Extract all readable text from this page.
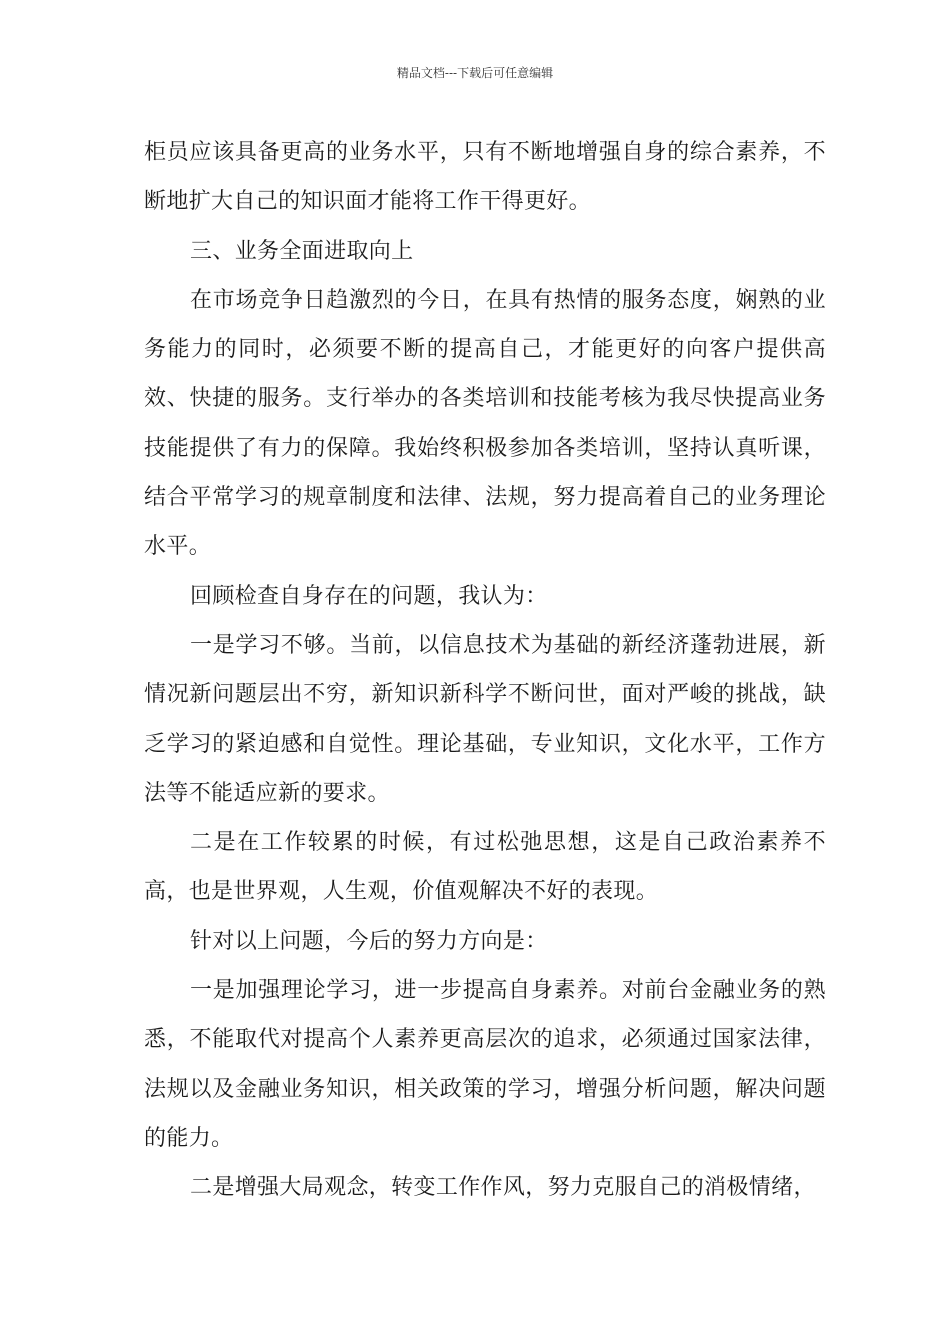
精品文档---下载后可任意编辑

柜员应该具备更高的业务水平，只有不断地增强自身的综合素养，不断地扩大自己的知识面才能将工作干得更好。

三、业务全面进取向上

在市场竞争日趋激烈的今日，在具有热情的服务态度，娴熟的业务能力的同时，必须要不断的提高自己，才能更好的向客户提供高效、快捷的服务。支行举办的各类培训和技能考核为我尽快提高业务技能提供了有力的保障。我始终积极参加各类培训，坚持认真听课，结合平常学习的规章制度和法律、法规，努力提高着自己的业务理论水平。

回顾检查自身存在的问题，我认为：

一是学习不够。当前，以信息技术为基础的新经济蓬勃进展，新情况新问题层出不穷，新知识新科学不断问世，面对严峻的挑战，缺乏学习的紧迫感和自觉性。理论基础，专业知识，文化水平，工作方法等不能适应新的要求。

二是在工作较累的时候，有过松弛思想，这是自己政治素养不高，也是世界观，人生观，价值观解决不好的表现。

针对以上问题，今后的努力方向是：

一是加强理论学习，进一步提高自身素养。对前台金融业务的熟悉，不能取代对提高个人素养更高层次的追求，必须通过国家法律，法规以及金融业务知识，相关政策的学习，增强分析问题，解决问题的能力。

二是增强大局观念，转变工作作风，努力克服自己的消极情绪，
